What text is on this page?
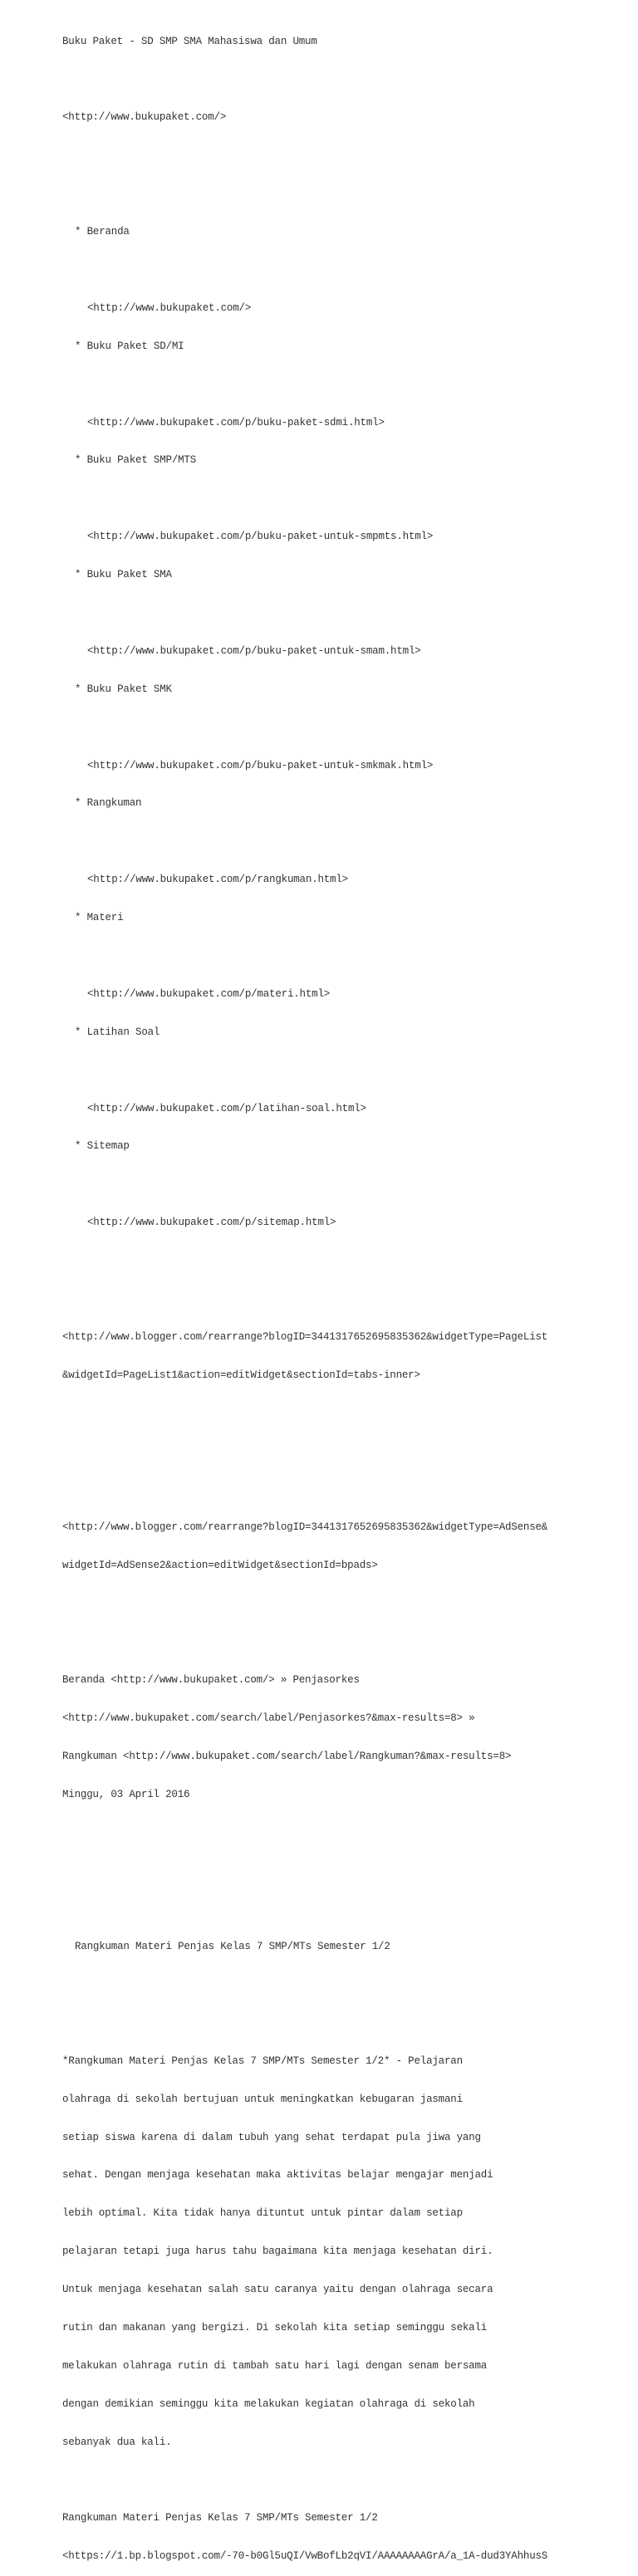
Buku Paket - SD SMP SMA Mahasiswa dan Umum

<http://www.bukupaket.com/>

* Beranda

<http://www.bukupaket.com/>

* Buku Paket SD/MI

<http://www.bukupaket.com/p/buku-paket-sdmi.html>

* Buku Paket SMP/MTS

<http://www.bukupaket.com/p/buku-paket-untuk-smpmts.html>

* Buku Paket SMA

<http://www.bukupaket.com/p/buku-paket-untuk-smam.html>

* Buku Paket SMK

<http://www.bukupaket.com/p/buku-paket-untuk-smkmak.html>

* Rangkuman

<http://www.bukupaket.com/p/rangkuman.html>

* Materi

<http://www.bukupaket.com/p/materi.html>

* Latihan Soal

<http://www.bukupaket.com/p/latihan-soal.html>

* Sitemap

<http://www.bukupaket.com/p/sitemap.html>

<http://www.blogger.com/rearrange?blogID=3441317652695835362&widgetType=PageList

&widgetId=PageList1&action=editWidget&sectionId=tabs-inner>

<http://www.blogger.com/rearrange?blogID=3441317652695835362&widgetType=AdSense&

widgetId=AdSense2&action=editWidget&sectionId=bpads>

Beranda <http://www.bukupaket.com/> » Penjasorkes

<http://www.bukupaket.com/search/label/Penjasorkes?&max-results=8> »

Rangkuman <http://www.bukupaket.com/search/label/Rangkuman?&max-results=8>

Minggu, 03 April 2016

Rangkuman Materi Penjas Kelas 7 SMP/MTs Semester 1/2

*Rangkuman Materi Penjas Kelas 7 SMP/MTs Semester 1/2* - Pelajaran

olahraga di sekolah bertujuan untuk meningkatkan kebugaran jasmani

setiap siswa karena di dalam tubuh yang sehat terdapat pula jiwa yang

sehat. Dengan menjaga kesehatan maka aktivitas belajar mengajar menjadi

lebih optimal. Kita tidak hanya dituntut untuk pintar dalam setiap

pelajaran tetapi juga harus tahu bagaimana kita menjaga kesehatan diri.

Untuk menjaga kesehatan salah satu caranya yaitu dengan olahraga secara

rutin dan makanan yang bergizi. Di sekolah kita setiap seminggu sekali

melakukan olahraga rutin di tambah satu hari lagi dengan senam bersama

dengan demikian seminggu kita melakukan kegiatan olahraga di sekolah

sebanyak dua kali.

Rangkuman Materi Penjas Kelas 7 SMP/MTs Semester 1/2

<https://1.bp.blogspot.com/-70-b0Gl5uQI/VwBofLb2qVI/AAAAAAAAGrA/a_1A-dud3YAhhusS
